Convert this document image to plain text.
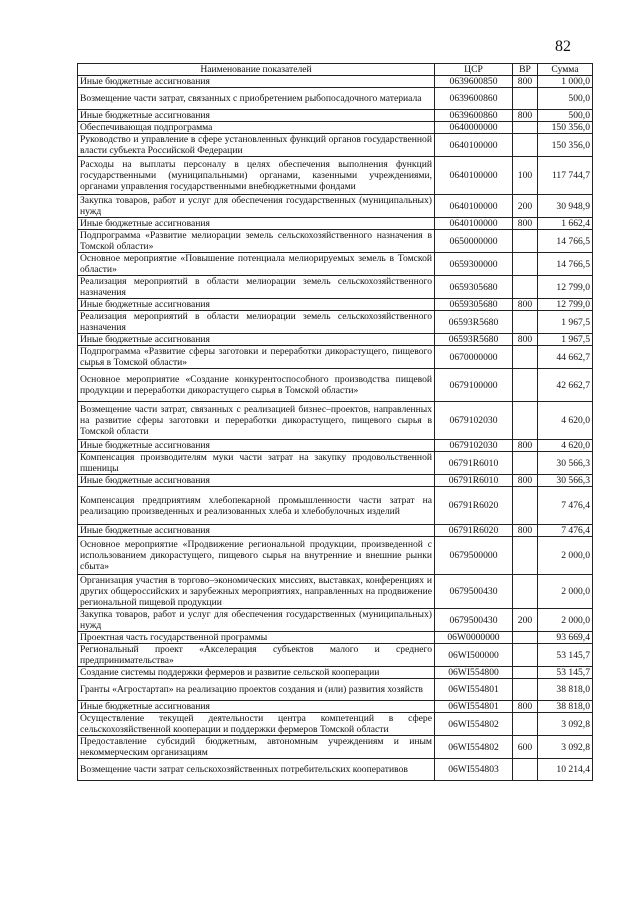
82
Наименование показателей	ЦСР	ВР	Сумма
Иные бюджетные ассигнования	0639600850	800	1 000,0
Возмещение части затрат, связанных с приобретением рыбопосадочного материала	0639600860		500,0
Иные бюджетные ассигнования	0639600860	800	500,0
Обеспечивающая подпрограмма	0640000000		150 356,0
Руководство и управление в сфере установленных функций органов государственной власти субъекта Российской Федерации	0640100000		150 356,0
Расходы на выплаты персоналу в целях обеспечения выполнения функций государственными (муниципальными) органами, казенными учреждениями, органами управления государственными внебюджетными фондами	0640100000	100	117 744,7
Закупка товаров, работ и услуг для обеспечения государственных (муниципальных) нужд	0640100000	200	30 948,9
Иные бюджетные ассигнования	0640100000	800	1 662,4
Подпрограмма «Развитие мелиорации земель сельскохозяйственного назначения в Томской области»	0650000000		14 766,5
Основное мероприятие «Повышение потенциала мелиорируемых земель в Томской области»	0659300000		14 766,5
Реализация мероприятий в области мелиорации земель сельскохозяйственного назначения	0659305680		12 799,0
Иные бюджетные ассигнования	0659305680	800	12 799,0
Реализация мероприятий в области мелиорации земель сельскохозяйственного назначения	06593R5680		1 967,5
Иные бюджетные ассигнования	06593R5680	800	1 967,5
Подпрограмма «Развитие сферы заготовки и переработки дикорастущего, пищевого сырья в Томской области»	0670000000		44 662,7
Основное мероприятие «Создание конкурентоспособного производства пищевой продукции и переработки дикорастущего сырья в Томской области»	0679100000		42 662,7
Возмещение части затрат, связанных с реализацией бизнес–проектов, направленных на развитие сферы заготовки и переработки дикорастущего, пищевого сырья в Томской области	0679102030		4 620,0
Иные бюджетные ассигнования	0679102030	800	4 620,0
Компенсация производителям муки части затрат на закупку продовольственной пшеницы	06791R6010		30 566,3
Иные бюджетные ассигнования	06791R6010	800	30 566,3
Компенсация предприятиям хлебопекарной промышленности части затрат на реализацию произведенных и реализованных хлеба и хлебобулочных изделий	06791R6020		7 476,4
Иные бюджетные ассигнования	06791R6020	800	7 476,4
Основное мероприятие «Продвижение региональной продукции, произведенной с использованием дикорастущего, пищевого сырья на внутренние и внешние рынки сбыта»	0679500000		2 000,0
Организация участия в торгово–экономических миссиях, выставках, конференциях и других общероссийских и зарубежных мероприятиях, направленных на продвижение региональной пищевой продукции	0679500430		2 000,0
Закупка товаров, работ и услуг для обеспечения государственных (муниципальных) нужд	0679500430	200	2 000,0
Проектная часть государственной программы	06W0000000		93 669,4
Региональный проект «Акселерация субъектов малого и среднего предпринимательства»	06WI500000		53 145,7
Создание системы поддержки фермеров и развитие сельской кооперации	06WI554800		53 145,7
Гранты «Агростартап» на реализацию проектов создания и (или) развития хозяйств	06WI554801		38 818,0
Иные бюджетные ассигнования	06WI554801	800	38 818,0
Осуществление текущей деятельности центра компетенций в сфере сельскохозяйственной кооперации и поддержки фермеров Томской области	06WI554802		3 092,8
Предоставление субсидий бюджетным, автономным учреждениям и иным некоммерческим организациям	06WI554802	600	3 092,8
Возмещение части затрат сельскохозяйственных потребительских кооперативов	06WI554803		10 214,4
